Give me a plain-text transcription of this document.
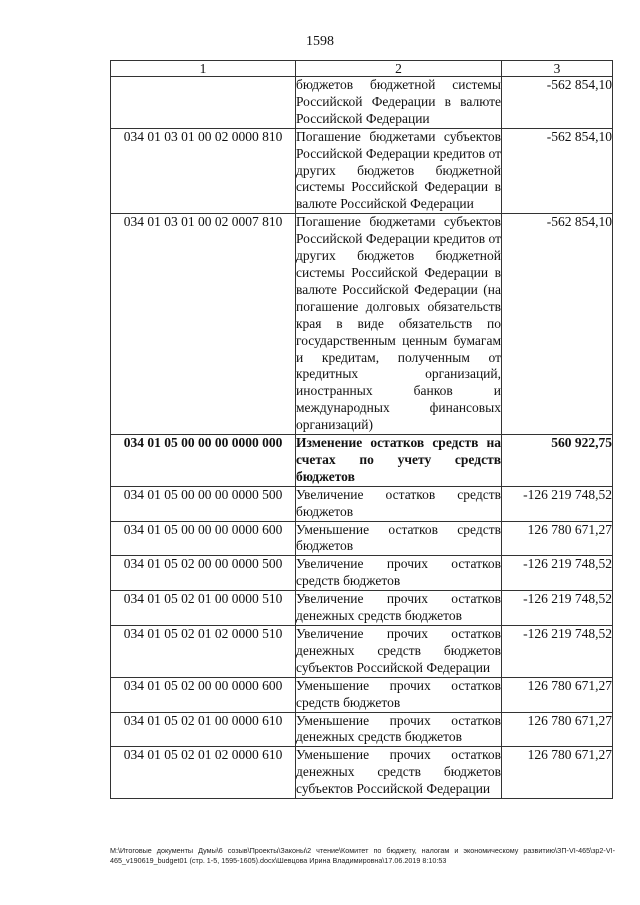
1598
1	2	3
	бюджетов бюджетной системы Российской Федерации в валюте Российской Федерации	-562 854,10
034 01 03 01 00 02 0000 810	Погашение бюджетами субъектов Российской Федерации кредитов от других бюджетов бюджетной системы Российской Федерации в валюте Российской Федерации	-562 854,10
034 01 03 01 00 02 0007 810	Погашение бюджетами субъектов Российской Федерации кредитов от других бюджетов бюджетной системы Российской Федерации в валюте Российской Федерации (на погашение долговых обязательств края в виде обязательств по государственным ценным бумагам и кредитам, полученным от кредитных организаций, иностранных банков и международных финансовых организаций)	-562 854,10
034 01 05 00 00 00 0000 000	Изменение остатков средств на счетах по учету средств бюджетов	560 922,75
034 01 05 00 00 00 0000 500	Увеличение остатков средств бюджетов	-126 219 748,52
034 01 05 00 00 00 0000 600	Уменьшение остатков средств бюджетов	126 780 671,27
034 01 05 02 00 00 0000 500	Увеличение прочих остатков средств бюджетов	-126 219 748,52
034 01 05 02 01 00 0000 510	Увеличение прочих остатков денежных средств бюджетов	-126 219 748,52
034 01 05 02 01 02 0000 510	Увеличение прочих остатков денежных средств бюджетов субъектов Российской Федерации	-126 219 748,52
034 01 05 02 00 00 0000 600	Уменьшение прочих остатков средств бюджетов	126 780 671,27
034 01 05 02 01 00 0000 610	Уменьшение прочих остатков денежных средств бюджетов	126 780 671,27
034 01 05 02 01 02 0000 610	Уменьшение прочих остатков денежных средств бюджетов субъектов Российской Федерации	126 780 671,27
M:\Итоговые документы Думы\6 созыв\Проекты\Законы\2 чтение\Комитет по бюджету, налогам и экономическому развитию\ЗП-VI-465\зр2-VI-465_v190619_budget01 (стр. 1-5, 1595-1605).docx\Шевцова Ирина Владимировна\17.06.2019 8:10:53
